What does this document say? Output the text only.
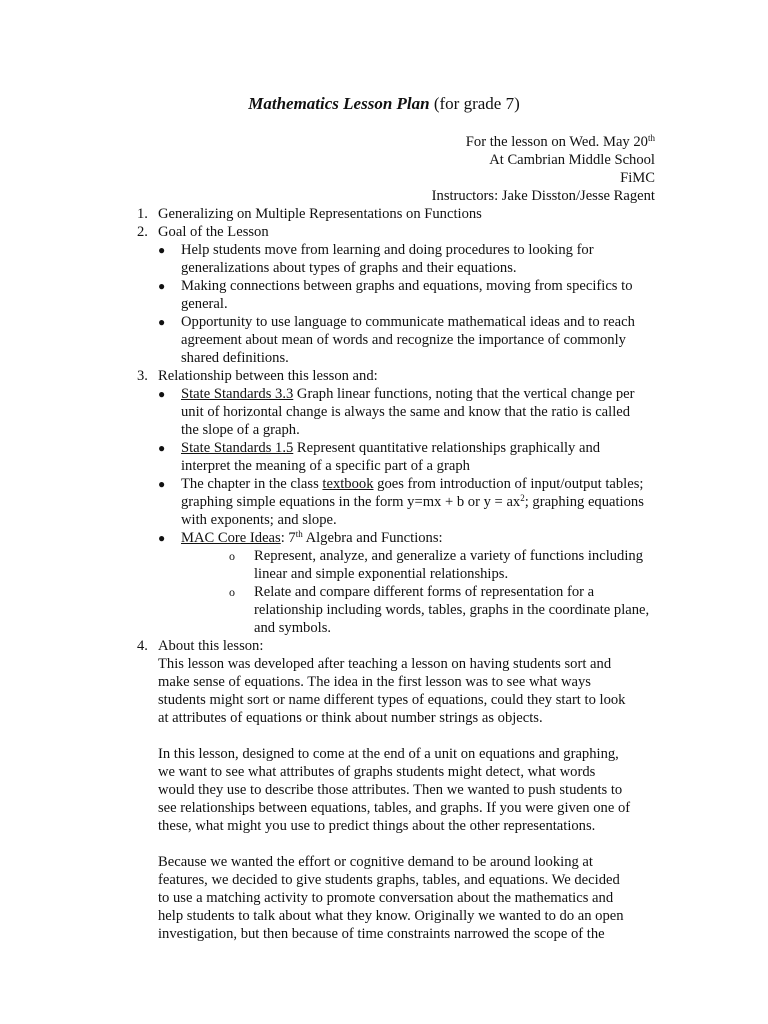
Mathematics Lesson Plan (for grade 7)
For the lesson on Wed. May 20th
At Cambrian Middle School
FiMC
Instructors: Jake Disston/Jesse Ragent
1. Generalizing on Multiple Representations on Functions
2. Goal of the Lesson
● Help students move from learning and doing procedures to looking for generalizations about types of graphs and their equations.
● Making connections between graphs and equations, moving from specifics to general.
● Opportunity to use language to communicate mathematical ideas and to reach agreement about mean of words and recognize the importance of commonly shared definitions.
3. Relationship between this lesson and:
● State Standards 3.3 Graph linear functions, noting that the vertical change per unit of horizontal change is always the same and know that the ratio is called the slope of a graph.
● State Standards 1.5 Represent quantitative relationships graphically and interpret the meaning of a specific part of a graph
● The chapter in the class textbook goes from introduction of input/output tables; graphing simple equations in the form y=mx + b or $y = ax^2$; graphing equations with exponents; and slope.
● MAC Core Ideas: 7th Algebra and Functions:
o Represent, analyze, and generalize a variety of functions including linear and simple exponential relationships.
o Relate and compare different forms of representation for a relationship including words, tables, graphs in the coordinate plane, and symbols.
4. About this lesson:
This lesson was developed after teaching a lesson on having students sort and make sense of equations. The idea in the first lesson was to see what ways students might sort or name different types of equations, could they start to look at attributes of equations or think about number strings as objects.
In this lesson, designed to come at the end of a unit on equations and graphing, we want to see what attributes of graphs students might detect, what words would they use to describe those attributes. Then we wanted to push students to see relationships between equations, tables, and graphs. If you were given one of these, what might you use to predict things about the other representations.
Because we wanted the effort or cognitive demand to be around looking at features, we decided to give students graphs, tables, and equations. We decided to use a matching activity to promote conversation about the mathematics and help students to talk about what they know. Originally we wanted to do an open investigation, but then because of time constraints narrowed the scope of the
